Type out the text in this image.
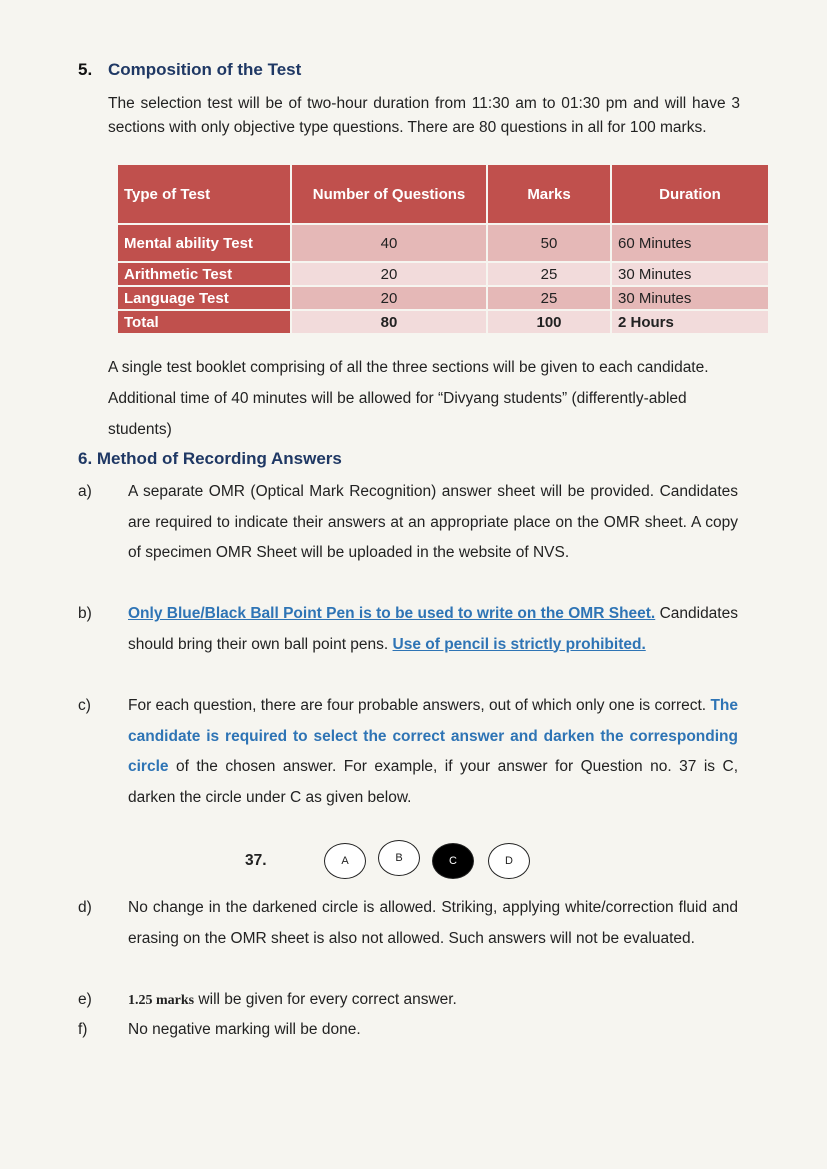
5. Composition of the Test
The selection test will be of two-hour duration from 11:30 am to 01:30 pm and will have 3 sections with only objective type questions. There are 80 questions in all for 100 marks.
Type of Test	Number of Questions	Marks	Duration
Mental ability Test	40	50	60 Minutes
Arithmetic Test	20	25	30 Minutes
Language Test	20	25	30 Minutes
Total	80	100	2 Hours
A single test booklet comprising of all the three sections will be given to each candidate. Additional time of 40 minutes will be allowed for “Divyang students” (differently-abled students)
6. Method of Recording Answers
a) A separate OMR (Optical Mark Recognition) answer sheet will be provided. Candidates are required to indicate their answers at an appropriate place on the OMR sheet. A copy of specimen OMR Sheet will be uploaded in the website of NVS.
b) Only Blue/Black Ball Point Pen is to be used to write on the OMR Sheet. Candidates should bring their own ball point pens. Use of pencil is strictly prohibited.
c) For each question, there are four probable answers, out of which only one is correct. The candidate is required to select the correct answer and darken the corresponding circle of the chosen answer. For example, if your answer for Question no. 37 is C, darken the circle under C as given below.
37.	A	B	C	D
d) No change in the darkened circle is allowed. Striking, applying white/correction fluid and erasing on the OMR sheet is also not allowed. Such answers will not be evaluated.
e)	1.25 marks will be given for every correct answer.
f)	No negative marking will be done.
